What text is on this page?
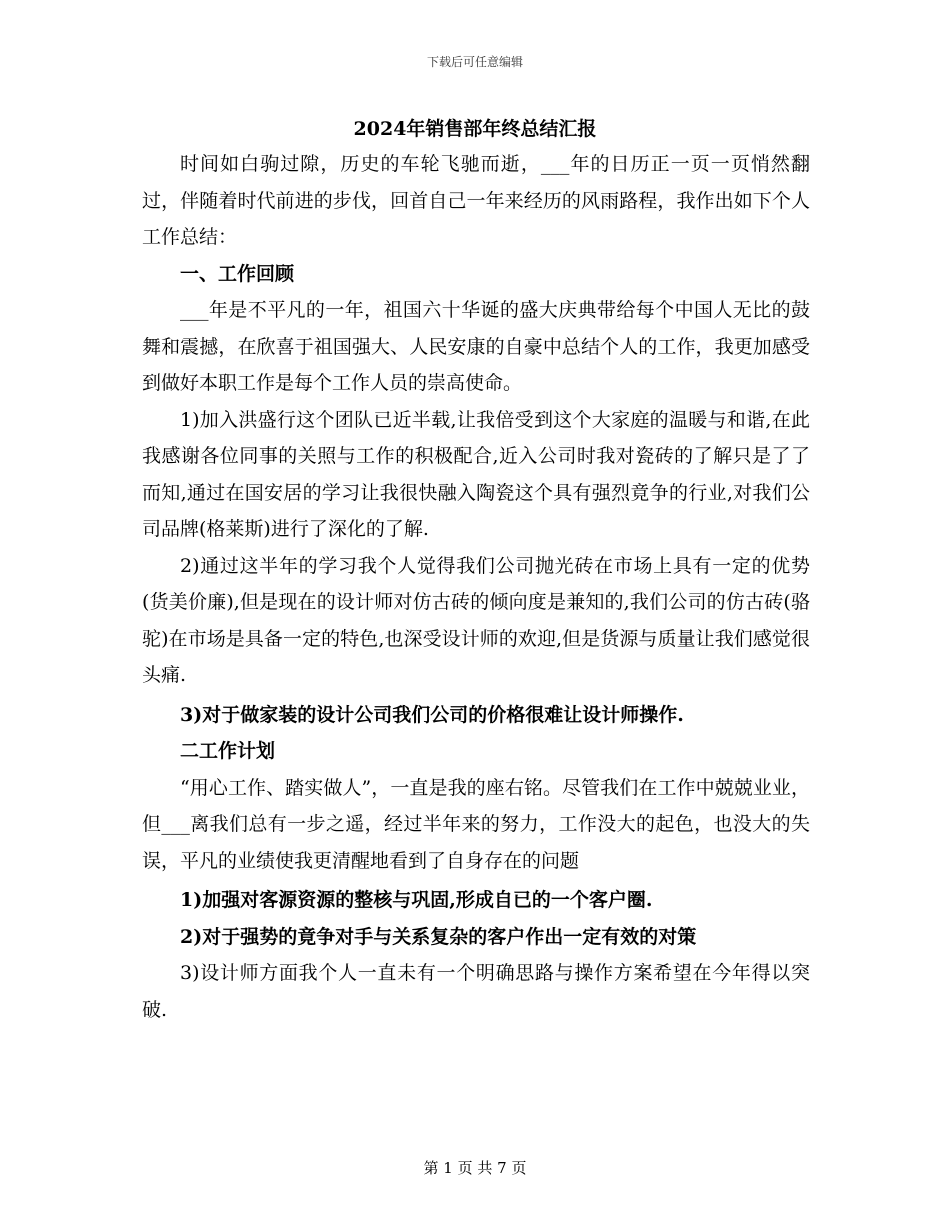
下载后可任意编辑
2024年销售部年终总结汇报

时间如白驹过隙，历史的车轮飞驰而逝，___年的日历正一页一页悄然翻过，伴随着时代前进的步伐，回首自己一年来经历的风雨路程，我作出如下个人工作总结：

一、工作回顾

___年是不平凡的一年，祖国六十华诞的盛大庆典带给每个中国人无比的鼓舞和震撼，在欣喜于祖国强大、人民安康的自豪中总结个人的工作，我更加感受到做好本职工作是每个工作人员的崇高使命。

1)加入洪盛行这个团队已近半载,让我倍受到这个大家庭的温暖与和谐,在此我感谢各位同事的关照与工作的积极配合,近入公司时我对瓷砖的了解只是了了而知,通过在国安居的学习让我很快融入陶瓷这个具有强烈竟争的行业,对我们公司品牌(格莱斯)进行了深化的了解.

2)通过这半年的学习我个人觉得我们公司抛光砖在市场上具有一定的优势(货美价廉),但是现在的设计师对仿古砖的倾向度是兼知的,我们公司的仿古砖(骆驼)在市场是具备一定的特色,也深受设计师的欢迎,但是货源与质量让我们感觉很头痛.

3)对于做家装的设计公司我们公司的价格很难让设计师操作.

二工作计划

“用心工作、踏实做人”，一直是我的座右铭。尽管我们在工作中兢兢业业，但___离我们总有一步之遥，经过半年来的努力，工作没大的起色，也没大的失误，平凡的业绩使我更清醒地看到了自身存在的问题

1)加强对客源资源的整核与巩固,形成自已的一个客户圈.

2)对于强势的竟争对手与关系复杂的客户作出一定有效的对策

3)设计师方面我个人一直未有一个明确思路与操作方案希望在今年得以突破.

第 1 页 共 7 页
